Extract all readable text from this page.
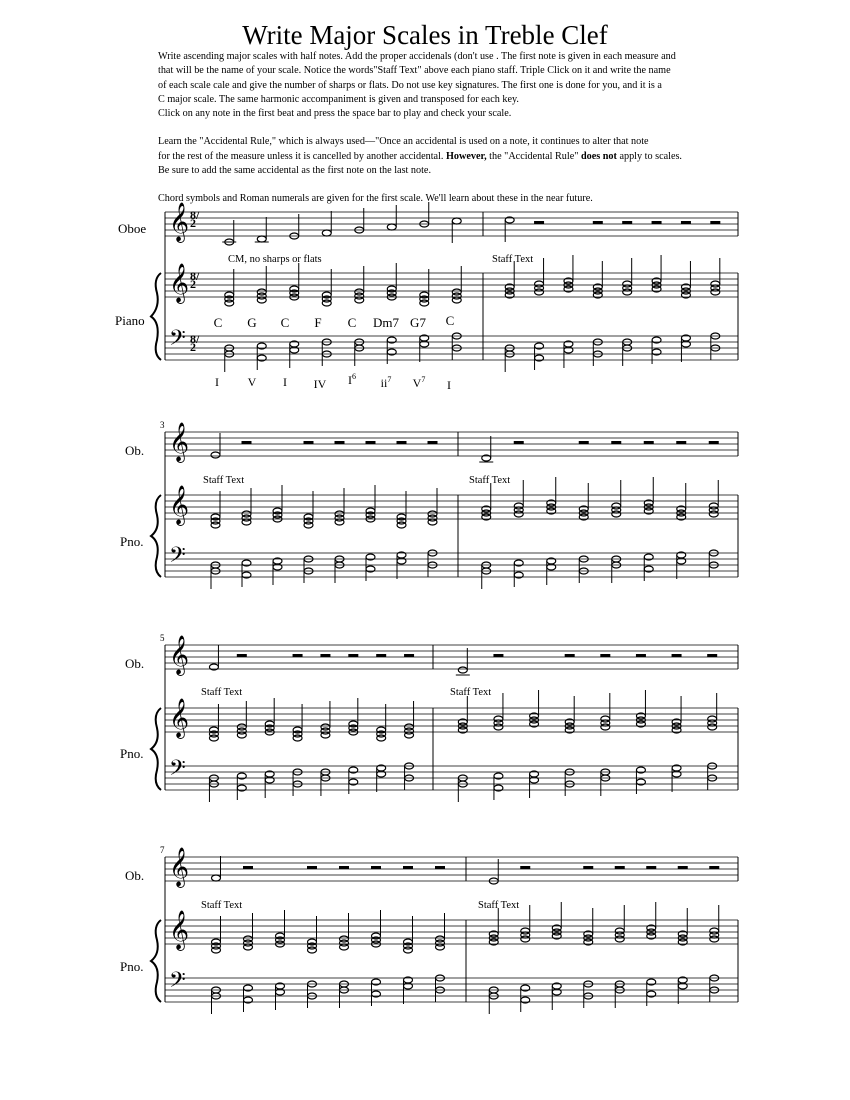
Write Major Scales in Treble Clef

Write ascending major scales with half notes. Add the proper accidenals (don't use . The first note is given in each measure and

that will be the name of your scale. Notice the words"Staff Text" above each piano staff. Triple Click on it and write the name

of each scale cale and give the number of sharps or flats. Do not use key signatures. The first one is done for you, and it is a

C major scale. The same harmonic accompaniment is given and transposed for each key.

Click on any note in the first beat and press the space bar to play and check your scale.

Learn the "Accidental Rule," which is always used—"Once an accidental is used on a note, it continues to alter that note

for the rest of the measure unless it is cancelled by another accidental. However, the "Accidental Rule" does not apply to scales.

Be sure to add the same accidental as the first note on the last note.

Chord symbols and Roman numerals are given for the first scale. We'll learn about these in the near future.

𝄞
𝄞
𝄢
𝄞
𝄞
𝄢
𝄞
𝄞
𝄢
𝄞
𝄞
𝄢
8/2
8/2
8/2
Oboe
Piano
Ob.
Pno.
Ob.
Pno.
Ob.
Pno.
3
5
7
CM, no sharps or flats	Staff Text
Staff Text	Staff Text
Staff Text	Staff Text
Staff Text	Staff Text
C G C F C Dm7 G7 C
I V I IV $I^6$ $ii^7$ $V^7$ I
